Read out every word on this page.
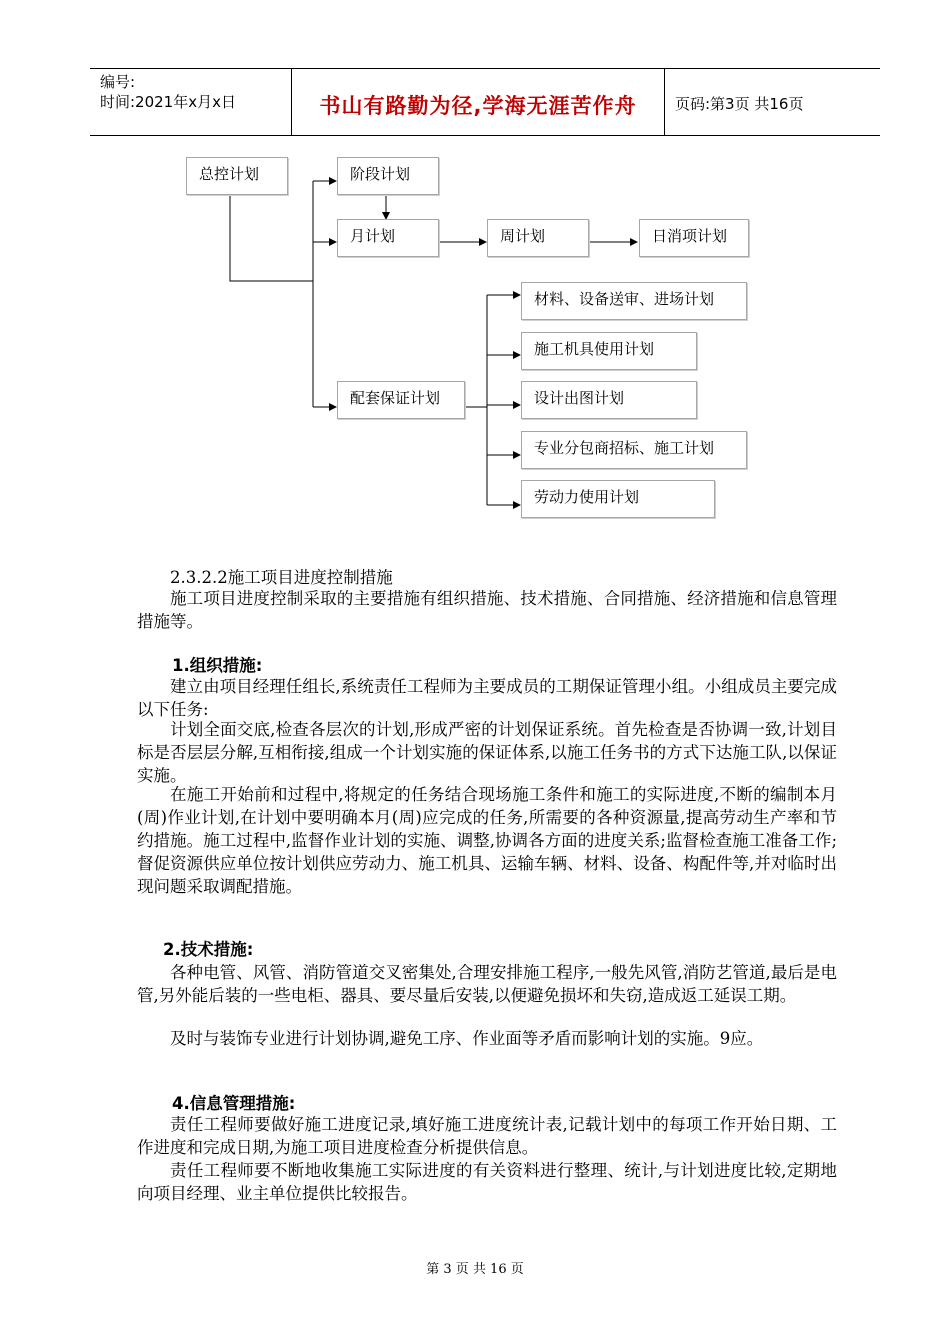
编号:
时间:2021年x月x日	书山有路勤为径,学海无涯苦作舟	页码:第3页 共16页
总控计划	阶段计划
月计划	周计划	日消项计划
配套保证计划
材料、设备送审、进场计划
施工机具使用计划
设计出图计划
专业分包商招标、施工计划
劳动力使用计划

2.3.2.2施工项目进度控制措施

施工项目进度控制采取的主要措施有组织措施、技术措施、合同措施、经济措施和信息管理措施等。

1.组织措施:

建立由项目经理任组长,系统责任工程师为主要成员的工期保证管理小组。小组成员主要完成以下任务:

计划全面交底,检查各层次的计划,形成严密的计划保证系统。首先检查是否协调一致,计划目标是否层层分解,互相衔接,组成一个计划实施的保证体系,以施工任务书的方式下达施工队,以保证实施。

在施工开始前和过程中,将规定的任务结合现场施工条件和施工的实际进度,不断的编制本月(周)作业计划,在计划中要明确本月(周)应完成的任务,所需要的各种资源量,提高劳动生产率和节约措施。施工过程中,监督作业计划的实施、调整,协调各方面的进度关系;监督检查施工准备工作;督促资源供应单位按计划供应劳动力、施工机具、运输车辆、材料、设备、构配件等,并对临时出现问题采取调配措施。

2.技术措施:

各种电管、风管、消防管道交叉密集处,合理安排施工程序,一般先风管,消防艺管道,最后是电管,另外能后装的一些电柜、器具、要尽量后安装,以便避免损坏和失窃,造成返工延误工期。

及时与装饰专业进行计划协调,避免工序、作业面等矛盾而影响计划的实施。9应。

4.信息管理措施:

责任工程师要做好施工进度记录,填好施工进度统计表,记载计划中的每项工作开始日期、工作进度和完成日期,为施工项目进度检查分析提供信息。

责任工程师要不断地收集施工实际进度的有关资料进行整理、统计,与计划进度比较,定期地向项目经理、业主单位提供比较报告。

第 3 页 共 16 页
